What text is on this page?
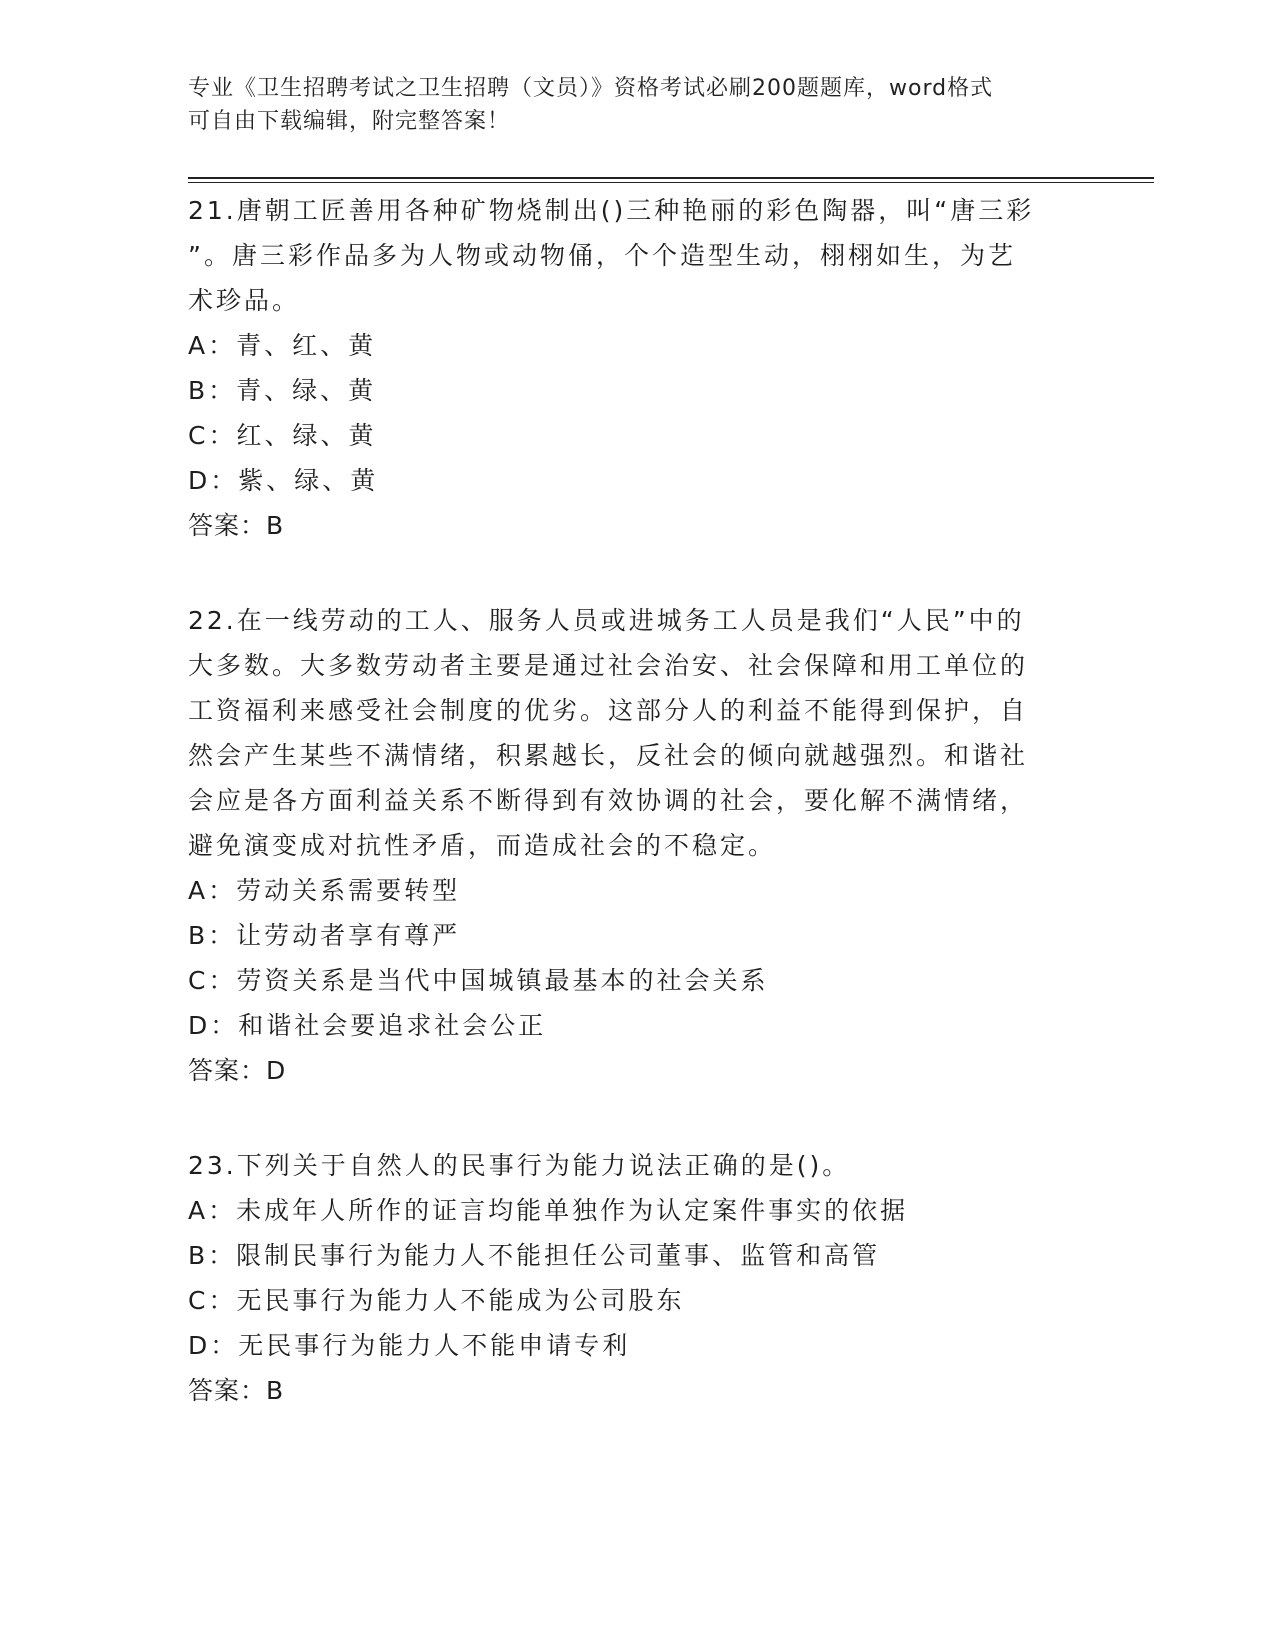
专业《卫生招聘考试之卫生招聘（文员）》资格考试必刷200题题库，word格式
可自由下载编辑，附完整答案！

21.唐朝工匠善用各种矿物烧制出()三种艳丽的彩色陶器，叫“唐三彩

”。唐三彩作品多为人物或动物俑，个个造型生动，栩栩如生，为艺

术珍品。

A：青、红、黄

B：青、绿、黄

C：红、绿、黄

D：紫、绿、黄

答案：B

22.在一线劳动的工人、服务人员或进城务工人员是我们“人民”中的

大多数。大多数劳动者主要是通过社会治安、社会保障和用工单位的

工资福利来感受社会制度的优劣。这部分人的利益不能得到保护，自

然会产生某些不满情绪，积累越长，反社会的倾向就越强烈。和谐社

会应是各方面利益关系不断得到有效协调的社会，要化解不满情绪，

避免演变成对抗性矛盾，而造成社会的不稳定。

A：劳动关系需要转型

B：让劳动者享有尊严

C：劳资关系是当代中国城镇最基本的社会关系

D：和谐社会要追求社会公正

答案：D

23.下列关于自然人的民事行为能力说法正确的是()。

A：未成年人所作的证言均能单独作为认定案件事实的依据

B：限制民事行为能力人不能担任公司董事、监管和高管

C：无民事行为能力人不能成为公司股东

D：无民事行为能力人不能申请专利

答案：B
